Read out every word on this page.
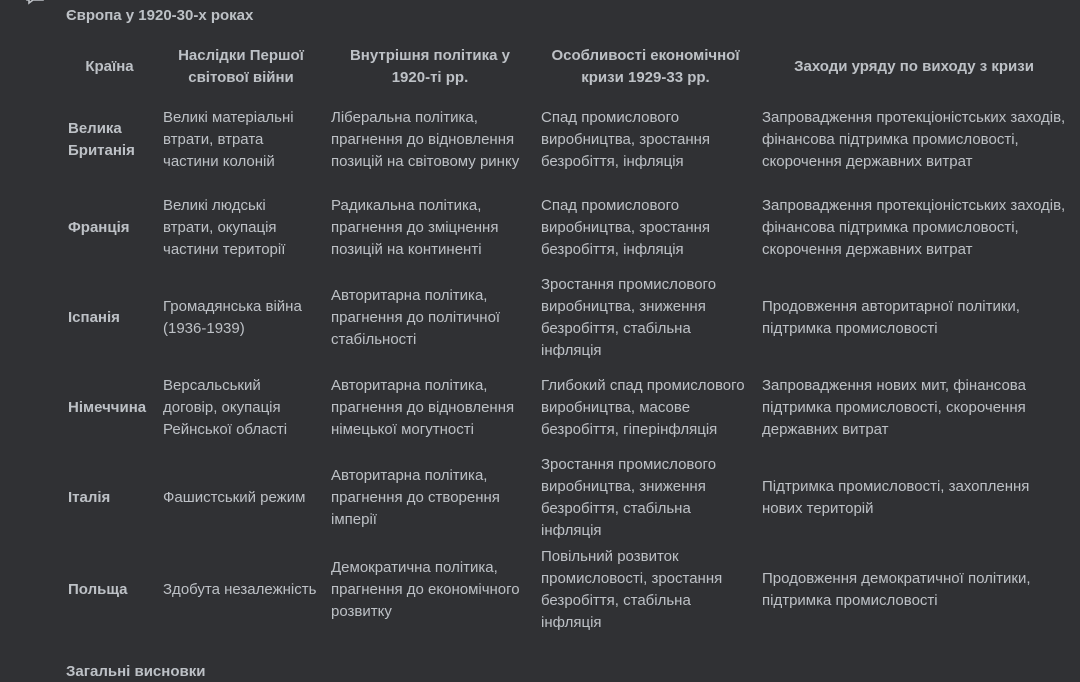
Європа у 1920-30-х роках
Країна	Наслідки Першої світової війни	Внутрішня політика у 1920-ті рр.	Особливості економічної кризи 1929-33 рр.	Заходи уряду по виходу з кризи
Велика Британія	Великі матеріальні втрати, втрата частини колоній	Ліберальна політика, прагнення до відновлення позицій на світовому ринку	Спад промислового виробництва, зростання безробіття, інфляція	Запровадження протекціоністських заходів, фінансова підтримка промисловості, скорочення державних витрат
Франція	Великі людські втрати, окупація частини території	Радикальна політика, прагнення до зміцнення позицій на континенті	Спад промислового виробництва, зростання безробіття, інфляція	Запровадження протекціоністських заходів, фінансова підтримка промисловості, скорочення державних витрат
Іспанія	Громадянська війна (1936-1939)	Авторитарна політика, прагнення до політичної стабільності	Зростання промислового виробництва, зниження безробіття, стабільна інфляція	Продовження авторитарної політики, підтримка промисловості
Німеччина	Версальський договір, окупація Рейнської області	Авторитарна політика, прагнення до відновлення німецької могутності	Глибокий спад промислового виробництва, масове безробіття, гіперінфляція	Запровадження нових мит, фінансова підтримка промисловості, скорочення державних витрат
Італія	Фашистський режим	Авторитарна політика, прагнення до створення імперії	Зростання промислового виробництва, зниження безробіття, стабільна інфляція	Підтримка промисловості, захоплення нових територій
Польща	Здобута незалежність	Демократична політика, прагнення до економічного розвитку	Повільний розвиток промисловості, зростання безробіття, стабільна інфляція	Продовження демократичної політики, підтримка промисловості
Загальні висновки
